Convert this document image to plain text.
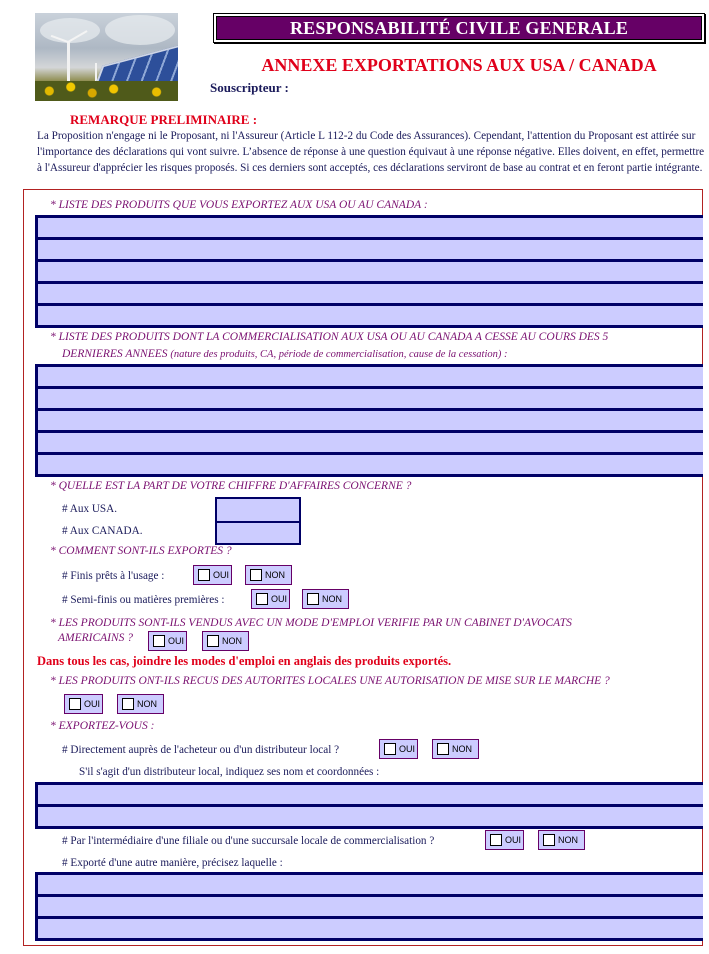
RESPONSABILITÉ CIVILE GENERALE
ANNEXE EXPORTATIONS AUX USA / CANADA
Souscripteur :
REMARQUE PRELIMINAIRE :
La Proposition n'engage ni le Proposant, ni l'Assureur (Article L 112-2 du Code des Assurances). Cependant, l'attention du Proposant est attirée sur l'importance des déclarations qui vont suivre. L’absence de réponse à une question équivaut à une réponse négative. Elles doivent, en effet, permettre à l'Assureur d'apprécier les risques proposés. Si ces derniers sont acceptés, ces déclarations serviront de base au contrat et en feront partie intégrante.
* LISTE DES PRODUITS QUE VOUS EXPORTEZ AUX USA OU AU CANADA :
* LISTE DES PRODUITS DONT LA COMMERCIALISATION AUX USA OU AU CANADA A CESSE AU COURS DES 5
DERNIERES ANNEES (nature des produits, CA, période de commercialisation, cause de la cessation) :
* QUELLE EST LA PART DE VOTRE CHIFFRE D'AFFAIRES CONCERNE ?
# Aux USA.
# Aux CANADA.
* COMMENT SONT-ILS EXPORTES ?
# Finis prêts à l'usage :	OUI	NON
# Semi-finis ou matières premières :	OUI	NON
* LES PRODUITS SONT-ILS VENDUS AVEC UN MODE D'EMPLOI VERIFIE PAR UN CABINET D'AVOCATS
AMERICAINS ?	OUI	NON
Dans tous les cas, joindre les modes d'emploi en anglais des produits exportés.
* LES PRODUITS ONT-ILS RECUS DES AUTORITES LOCALES UNE AUTORISATION DE MISE SUR LE MARCHE ?
OUI	NON
* EXPORTEZ-VOUS :
# Directement auprès de l'acheteur ou d'un distributeur local ?	OUI	NON
S'il s'agit d'un distributeur local, indiquez ses nom et coordonnées :
# Par l'intermédiaire d'une filiale ou d'une succursale locale de commercialisation ?	OUI	NON
# Exporté d'une autre manière, précisez laquelle :
